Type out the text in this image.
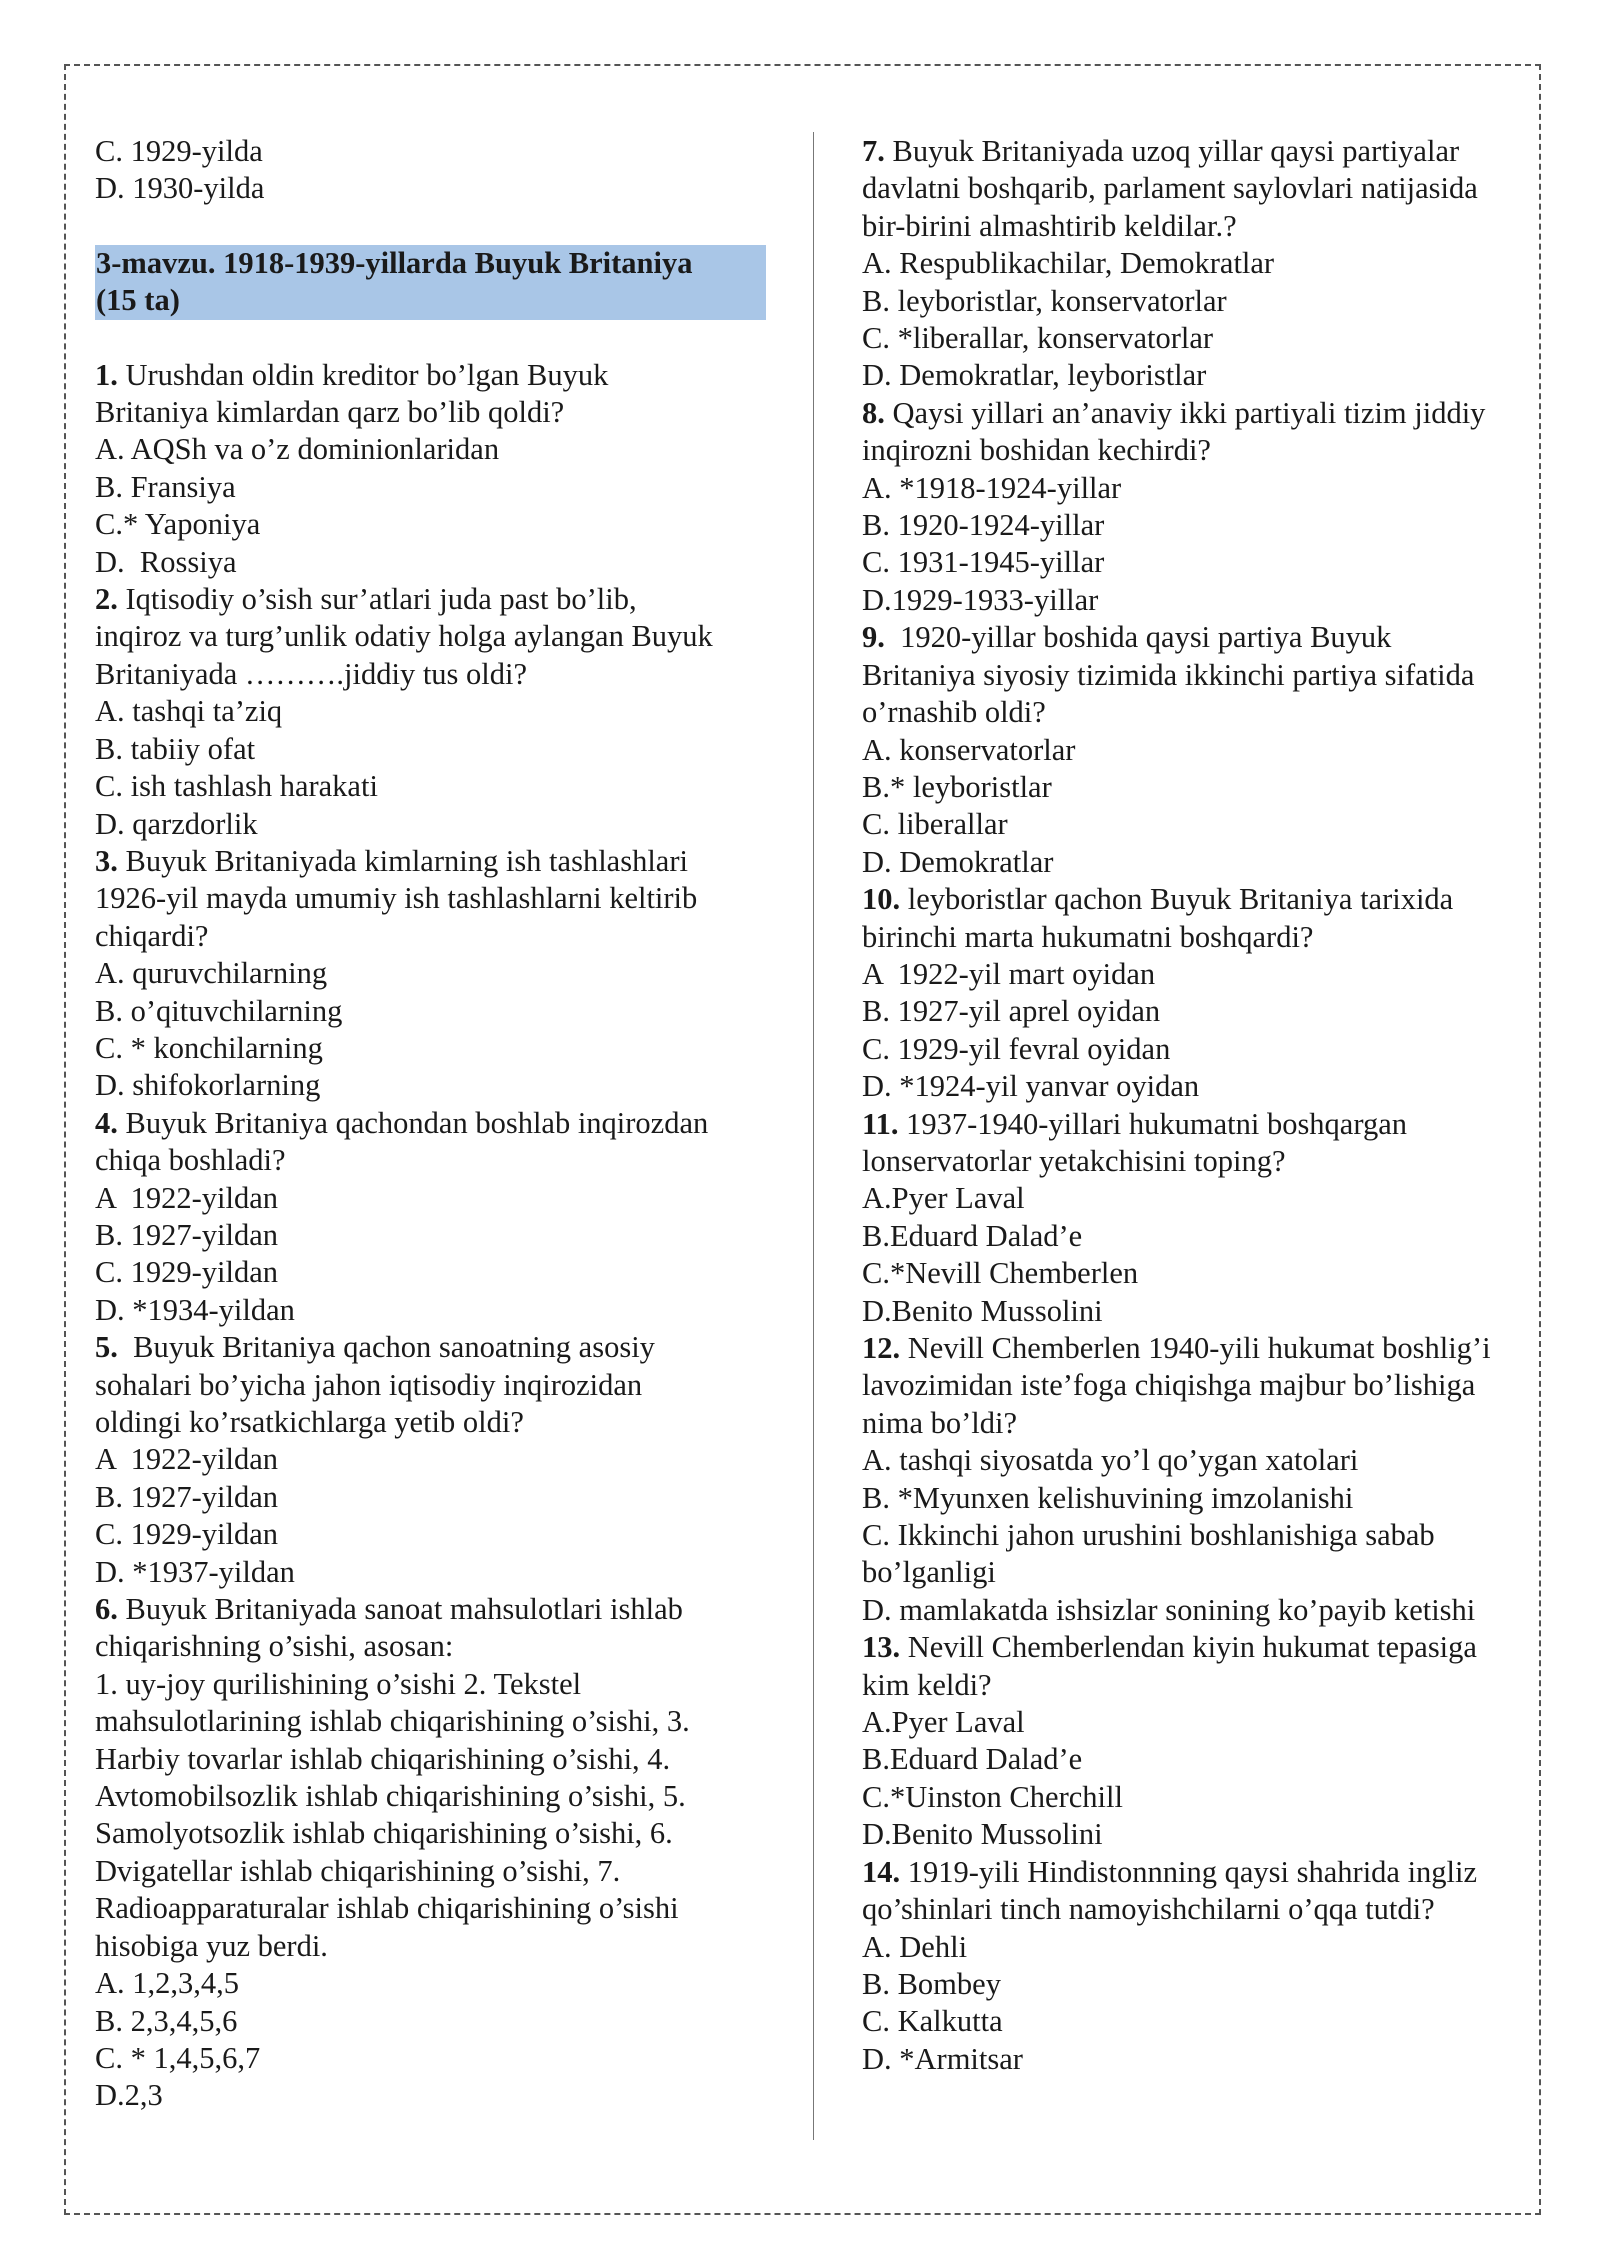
C. 1929-yilda
D. 1930-yilda
3-mavzu. 1918-1939-yillarda Buyuk Britaniya
(15 ta)
1. Urushdan oldin kreditor bo’lgan Buyuk
Britaniya kimlardan qarz bo’lib qoldi?
A. AQSh va o’z dominionlaridan
B. Fransiya
C.* Yaponiya
D.  Rossiya
2. Iqtisodiy o’sish sur’atlari juda past bo’lib,
inqiroz va turg’unlik odatiy holga aylangan Buyuk
Britaniyada ……….jiddiy tus oldi?
A. tashqi ta’ziq
B. tabiiy ofat
C. ish tashlash harakati
D. qarzdorlik
3. Buyuk Britaniyada kimlarning ish tashlashlari
1926-yil mayda umumiy ish tashlashlarni keltirib
chiqardi?
A. quruvchilarning
B. o’qituvchilarning
C. * konchilarning
D. shifokorlarning
4. Buyuk Britaniya qachondan boshlab inqirozdan
chiqa boshladi?
A  1922-yildan
B. 1927-yildan
C. 1929-yildan
D. *1934-yildan
5.  Buyuk Britaniya qachon sanoatning asosiy
sohalari bo’yicha jahon iqtisodiy inqirozidan
oldingi ko’rsatkichlarga yetib oldi?
A  1922-yildan
B. 1927-yildan
C. 1929-yildan
D. *1937-yildan
6. Buyuk Britaniyada sanoat mahsulotlari ishlab
chiqarishning o’sishi, asosan:
1. uy-joy qurilishining o’sishi 2. Tekstel
mahsulotlarining ishlab chiqarishining o’sishi, 3.
Harbiy tovarlar ishlab chiqarishining o’sishi, 4.
Avtomobilsozlik ishlab chiqarishining o’sishi, 5.
Samolyotsozlik ishlab chiqarishining o’sishi, 6.
Dvigatellar ishlab chiqarishining o’sishi, 7.
Radioapparaturalar ishlab chiqarishining o’sishi
hisobiga yuz berdi.
A. 1,2,3,4,5
B. 2,3,4,5,6
C. * 1,4,5,6,7
D.2,3
7. Buyuk Britaniyada uzoq yillar qaysi partiyalar
davlatni boshqarib, parlament saylovlari natijasida
bir-birini almashtirib keldilar.?
A. Respublikachilar, Demokratlar
B. leyboristlar, konservatorlar
C. *liberallar, konservatorlar
D. Demokratlar, leyboristlar
8. Qaysi yillari an’anaviy ikki partiyali tizim jiddiy
inqirozni boshidan kechirdi?
A. *1918-1924-yillar
B. 1920-1924-yillar
C. 1931-1945-yillar
D.1929-1933-yillar
9.  1920-yillar boshida qaysi partiya Buyuk
Britaniya siyosiy tizimida ikkinchi partiya sifatida
o’rnashib oldi?
A. konservatorlar
B.* leyboristlar
C. liberallar
D. Demokratlar
10. leyboristlar qachon Buyuk Britaniya tarixida
birinchi marta hukumatni boshqardi?
A  1922-yil mart oyidan
B. 1927-yil aprel oyidan
C. 1929-yil fevral oyidan
D. *1924-yil yanvar oyidan
11. 1937-1940-yillari hukumatni boshqargan
lonservatorlar yetakchisini toping?
A.Pyer Laval
B.Eduard Dalad’e
C.*Nevill Chemberlen
D.Benito Mussolini
12. Nevill Chemberlen 1940-yili hukumat boshlig’i
lavozimidan iste’foga chiqishga majbur bo’lishiga
nima bo’ldi?
A. tashqi siyosatda yo’l qo’ygan xatolari
B. *Myunxen kelishuvining imzolanishi
C. Ikkinchi jahon urushini boshlanishiga sabab
bo’lganligi
D. mamlakatda ishsizlar sonining ko’payib ketishi
13. Nevill Chemberlendan kiyin hukumat tepasiga
kim keldi?
A.Pyer Laval
B.Eduard Dalad’e
C.*Uinston Cherchill
D.Benito Mussolini
14. 1919-yili Hindistonnning qaysi shahrida ingliz
qo’shinlari tinch namoyishchilarni o’qqa tutdi?
A. Dehli
B. Bombey
C. Kalkutta
D. *Armitsar
